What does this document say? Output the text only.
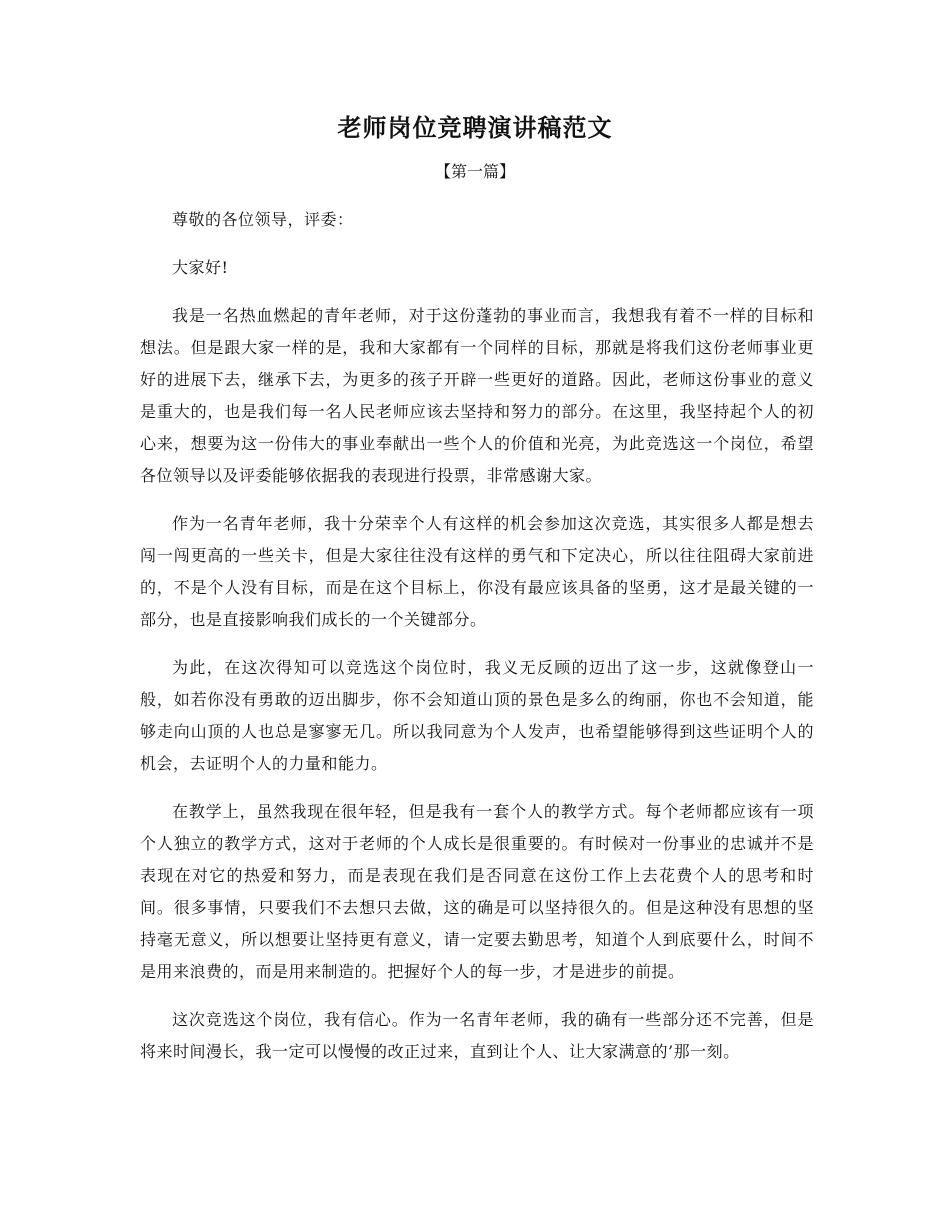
老师岗位竞聘演讲稿范文

【第一篇】

尊敬的各位领导，评委：

大家好!

我是一名热血燃起的青年老师，对于这份蓬勃的事业而言，我想我有着不一样的目标和想法。但是跟大家一样的是，我和大家都有一个同样的目标，那就是将我们这份老师事业更好的进展下去，继承下去，为更多的孩子开辟一些更好的道路。因此，老师这份事业的意义是重大的，也是我们每一名人民老师应该去坚持和努力的部分。在这里，我坚持起个人的初心来，想要为这一份伟大的事业奉献出一些个人的价值和光亮，为此竞选这一个岗位，希望各位领导以及评委能够依据我的表现进行投票，非常感谢大家。

作为一名青年老师，我十分荣幸个人有这样的机会参加这次竞选，其实很多人都是想去闯一闯更高的一些关卡，但是大家往往没有这样的勇气和下定决心，所以往往阻碍大家前进的，不是个人没有目标，而是在这个目标上，你没有最应该具备的坚勇，这才是最关键的一部分，也是直接影响我们成长的一个关键部分。

为此，在这次得知可以竞选这个岗位时，我义无反顾的迈出了这一步，这就像登山一般，如若你没有勇敢的迈出脚步，你不会知道山顶的景色是多么的绚丽，你也不会知道，能够走向山顶的人也总是寥寥无几。所以我同意为个人发声，也希望能够得到这些证明个人的机会，去证明个人的力量和能力。

在教学上，虽然我现在很年轻，但是我有一套个人的教学方式。每个老师都应该有一项个人独立的教学方式，这对于老师的个人成长是很重要的。有时候对一份事业的忠诚并不是表现在对它的热爱和努力，而是表现在我们是否同意在这份工作上去花费个人的思考和时间。很多事情，只要我们不去想只去做，这的确是可以坚持很久的。但是这种没有思想的坚持毫无意义，所以想要让坚持更有意义，请一定要去勤思考，知道个人到底要什么，时间不是用来浪费的，而是用来制造的。把握好个人的每一步，才是进步的前提。

这次竞选这个岗位，我有信心。作为一名青年老师，我的确有一些部分还不完善，但是将来时间漫长，我一定可以慢慢的改正过来，直到让个人、让大家满意的’那一刻。
